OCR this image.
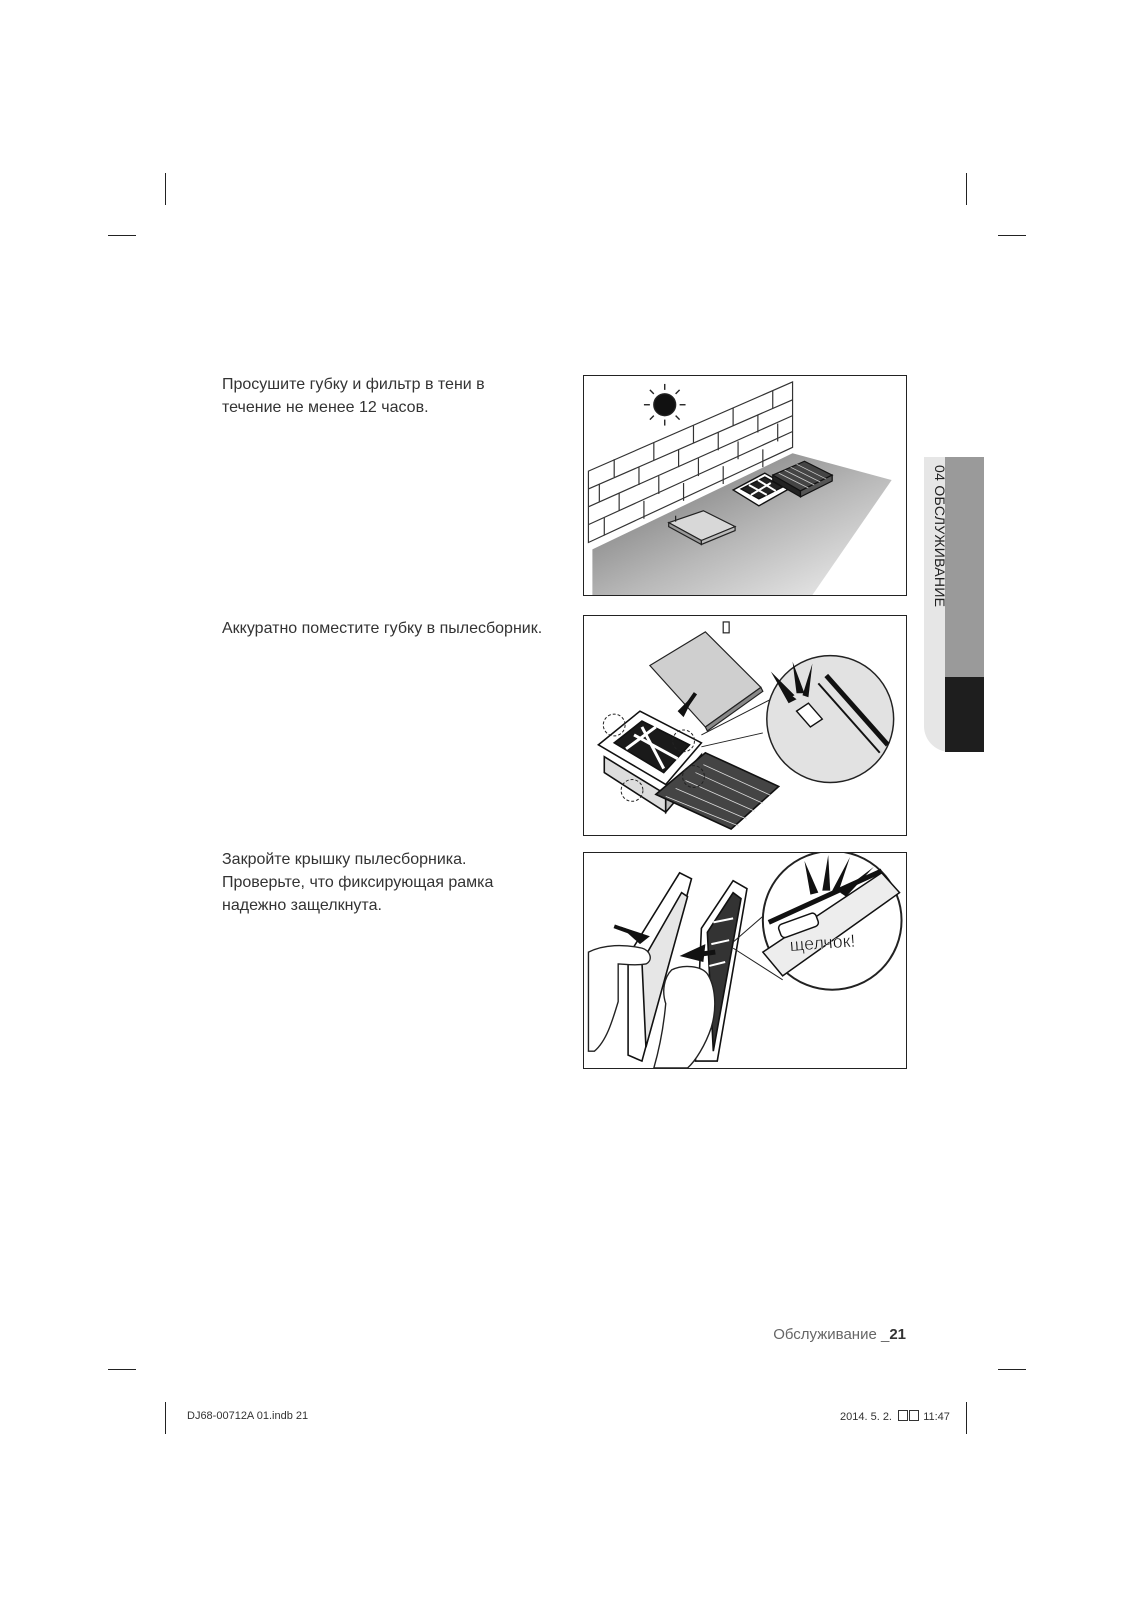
Просушите губку и фильтр в тени в
течение не менее 12 часов.
Аккуратно поместите губку в пылесборник.
Закройте крышку пылесборника.
Проверьте, что фиксирующая рамка
надежно защелкнута.
щелчок!
04 ОБСЛУЖИВАНИЕ
Обслуживание _21
DJ68-00712A 01.indb 21	2014. 5. 2.	11:47
